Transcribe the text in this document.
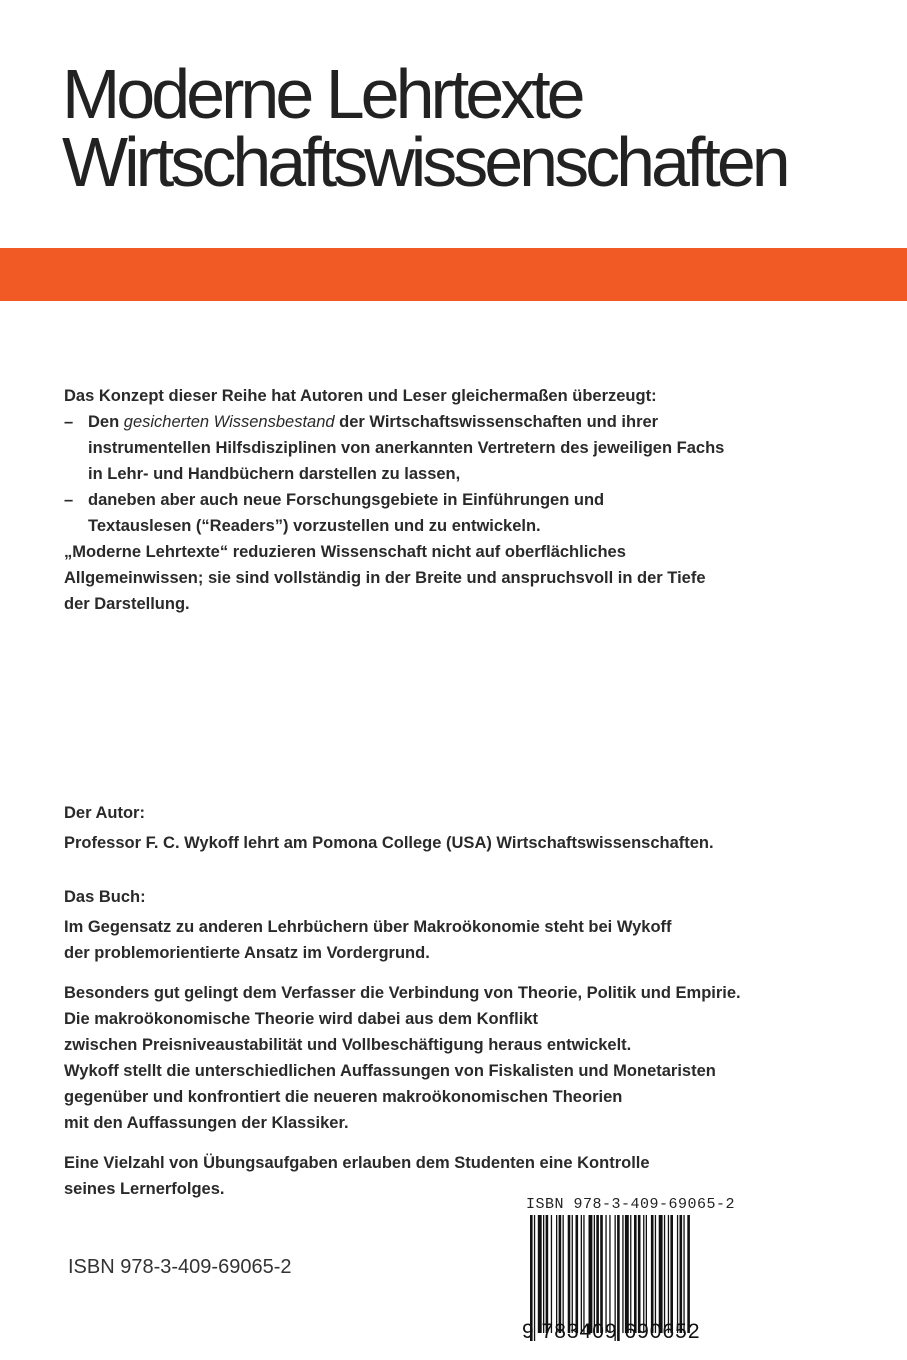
Moderne Lehrtexte
Wirtschaftswissenschaften
Das Konzept dieser Reihe hat Autoren und Leser gleichermaßen überzeugt:
– Den gesicherten Wissensbestand der Wirtschaftswissenschaften und ihrer
instrumentellen Hilfsdisziplinen von anerkannten Vertretern des jeweiligen Fachs
in Lehr- und Handbüchern darstellen zu lassen,
– daneben aber auch neue Forschungsgebiete in Einführungen und
Textauslesen (“Readers”) vorzustellen und zu entwickeln.
„Moderne Lehrtexte“ reduzieren Wissenschaft nicht auf oberflächliches
Allgemeinwissen; sie sind vollständig in der Breite und anspruchsvoll in der Tiefe
der Darstellung.
Der Autor:
Professor F. C. Wykoff lehrt am Pomona College (USA) Wirtschaftswissenschaften.
Das Buch:
Im Gegensatz zu anderen Lehrbüchern über Makroökonomie steht bei Wykoff
der problemorientierte Ansatz im Vordergrund.
Besonders gut gelingt dem Verfasser die Verbindung von Theorie, Politik und Empirie.
Die makroökonomische Theorie wird dabei aus dem Konflikt
zwischen Preisniveaustabilität und Vollbeschäftigung heraus entwickelt.
Wykoff stellt die unterschiedlichen Auffassungen von Fiskalisten und Monetaristen
gegenüber und konfrontiert die neueren makroökonomischen Theorien
mit den Auffassungen der Klassiker.
Eine Vielzahl von Übungsaufgaben erlauben dem Studenten eine Kontrolle
seines Lernerfolges.
ISBN 978-3-409-69065-2
ISBN 978-3-409-69065-2
9 783409 690652
